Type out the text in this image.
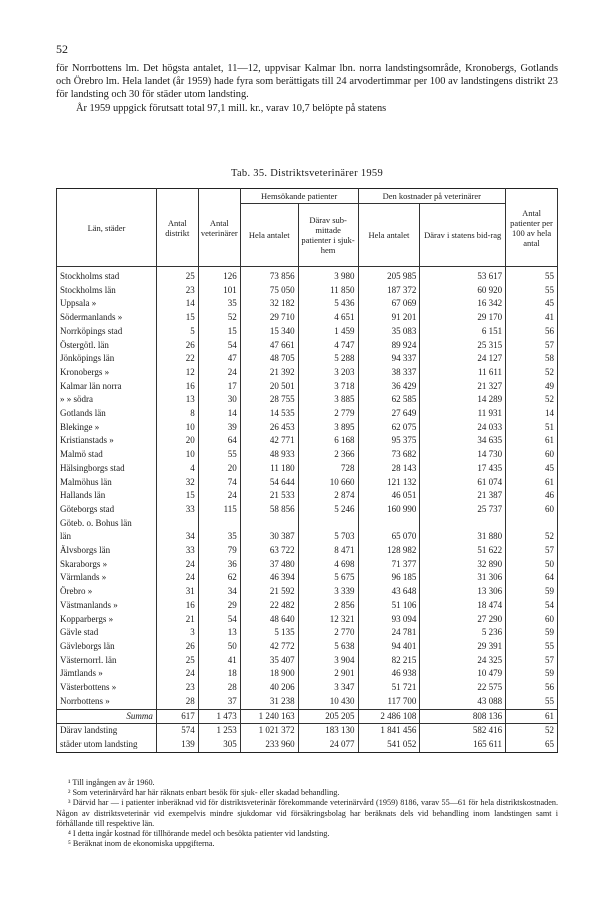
52

för Norrbottens lm. Det högsta antalet, 11—12, uppvisar Kalmar lbn. norra landstingsområde, Kronobergs, Gotlands och Örebro lm. Hela landet (år 1959) hade fyra som berättigats till 24 arvodertimmar per 100 av landstingens distrikt 23 för landsting och 30 för städer utom landsting.

År 1959 uppgick förutsatt total 97,1 mill. kr., varav 10,7 belöpte på statens

Tab. 35. Distriktsveterinärer 1959
Län, städer	Antal distrikt	Antal veterinärer	Hemsökande patienter		Den kostnader på veterinärer		Antal patienter per 100 av hela antal
			Hela antalet	Därav sub-mittade patienter i sjuk-hem	Hela antalet	Därav i statens bid-rag	
Stockholms stad	25	126	73 856	3 980	205 985	53 617	55
Stockholms län	23	101	75 050	11 850	187 372	60 920	55
Uppsala »	14	35	32 182	5 436	67 069	16 342	45
Södermanlands »	15	52	29 710	4 651	91 201	29 170	41
Norrköpings stad	5	15	15 340	1 459	35 083	6 151	56
Östergötl. län	26	54	47 661	4 747	89 924	25 315	57
Jönköpings län	22	47	48 705	5 288	94 337	24 127	58
Kronobergs »	12	24	21 392	3 203	38 337	11 611	52
Kalmar län norra	16	17	20 501	3 718	36 429	21 327	49
» » södra	13	30	28 755	3 885	62 585	14 289	52
Gotlands län	8	14	14 535	2 779	27 649	11 931	14
Blekinge »	10	39	26 453	3 895	62 075	24 033	51
Kristianstads »	20	64	42 771	6 168	95 375	34 635	61
Malmö stad	10	55	48 933	2 366	73 682	14 730	60
Hälsingborgs stad	4	20	11 180	728	28 143	17 435	45
Malmöhus län	32	74	54 644	10 660	121 132	61 074	61
Hallands län	15	24	21 533	2 874	46 051	21 387	46
Göteborgs stad	33	115	58 856	5 246	160 990	25 737	60
Göteb. o. Bohus län							
län	34	35	30 387	5 703	65 070	31 880	52
Älvsborgs län	33	79	63 722	8 471	128 982	51 622	57
Skaraborgs »	24	36	37 480	4 698	71 377	32 890	50
Värmlands »	24	62	46 394	5 675	96 185	31 306	64
Örebro »	31	34	21 592	3 339	43 648	13 306	59
Västmanlands »	16	29	22 482	2 856	51 106	18 474	54
Kopparbergs »	21	54	48 640	12 321	93 094	27 290	60
Gävle stad	3	13	5 135	2 770	24 781	5 236	59
Gävleborgs län	26	50	42 772	5 638	94 401	29 391	55
Västernorrl. län	25	41	35 407	3 904	82 215	24 325	57
Jämtlands »	24	18	18 900	2 901	46 938	10 479	59
Västerbottens »	23	28	40 206	3 347	51 721	22 575	56
Norrbottens »	28	37	31 238	10 430	117 700	43 088	55
Summa	617	1 473	1 240 163	205 205	2 486 108	808 136	61
Därav landsting	574	1 253	1 021 372	183 130	1 841 456	582 416	52
städer utom landsting	139	305	233 960	24 077	541 052	165 611	65

¹ Till ingången av år 1960.

² Som veterinärvård har här räknats enbart besök för sjuk- eller skadad behandling.

³ Därvid har — i patienter inberäknad vid för distriktsveterinär förekommande veterinärvård (1959) 8186, varav 55—61 för hela distriktskostnaden. Någon av distriktsveterinär vid exempelvis mindre sjukdomar vid försäkringsbolag har beräknats dels vid behandling inom landstingen samt i förhållande till respektive län.

⁴ I detta ingår kostnad för tillhörande medel och besökta patienter vid landsting.

⁵ Beräknat inom de ekonomiska uppgifterna.
